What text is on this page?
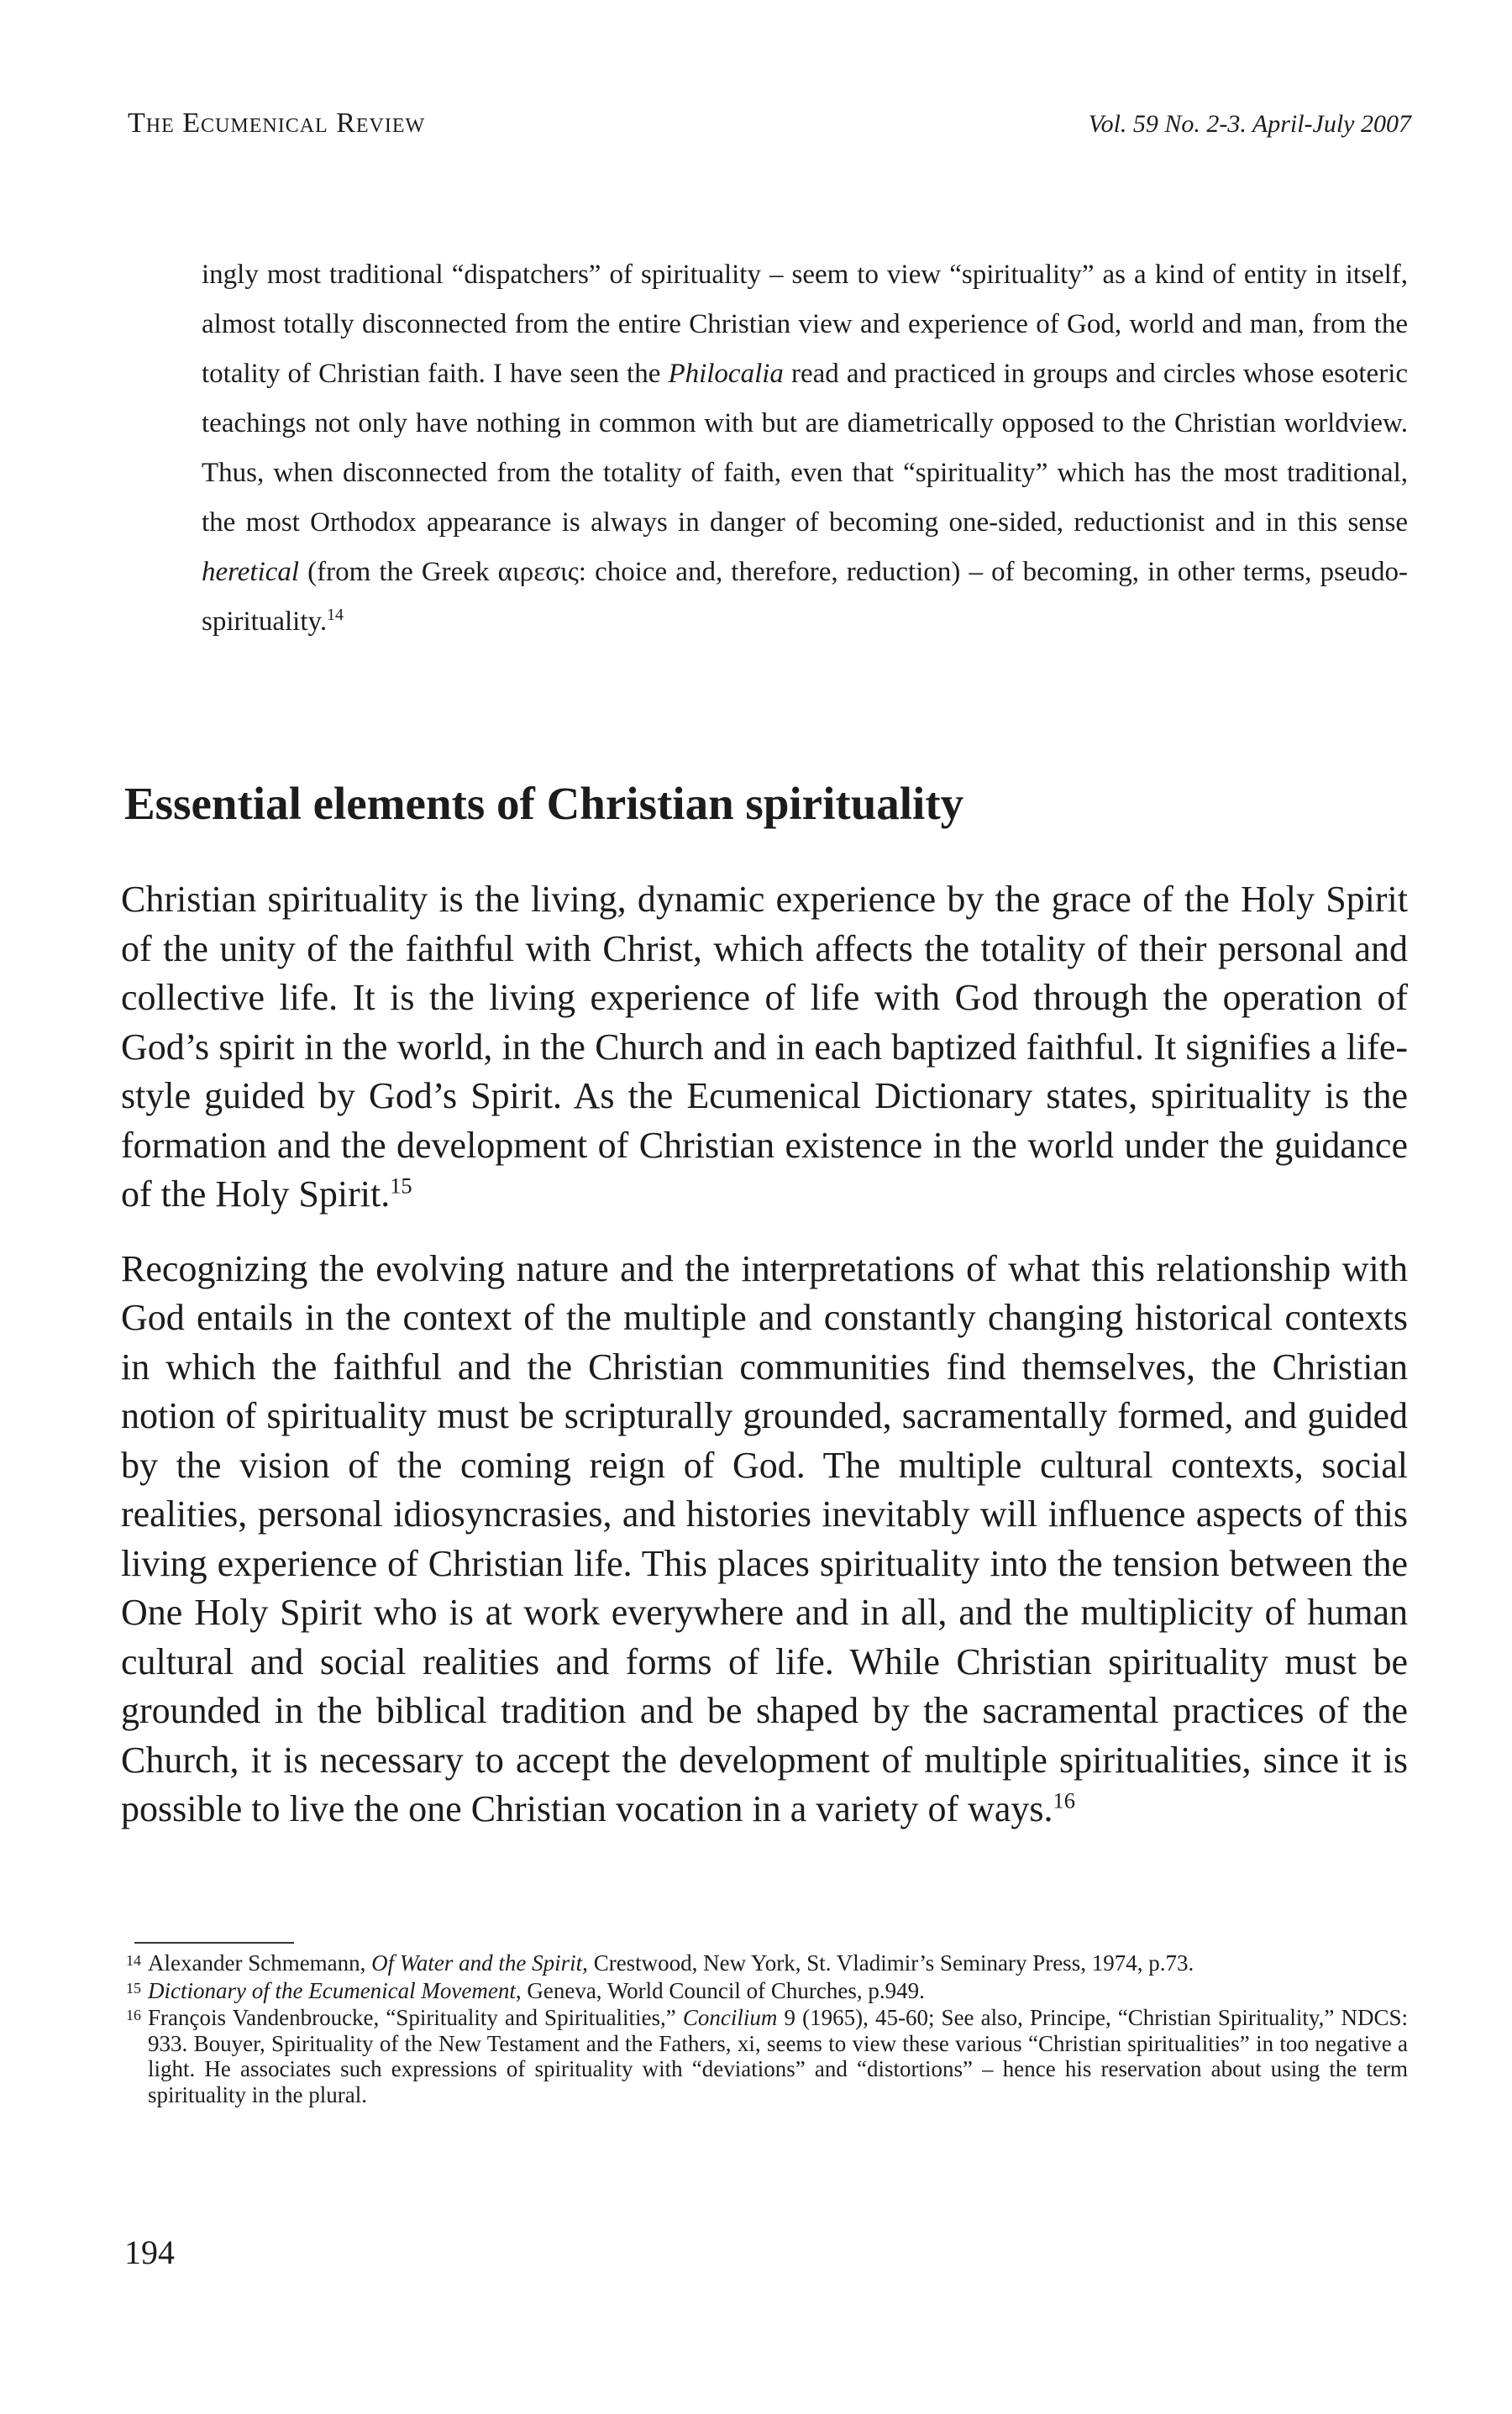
The Ecumenical Review	Vol. 59 No. 2-3. April-July 2007

ingly most traditional “dispatchers” of spirituality – seem to view “spirituality” as a kind of entity in itself, almost totally disconnected from the entire Christian view and experience of God, world and man, from the totality of Christian faith. I have seen the Philocalia read and practiced in groups and circles whose esoteric teachings not only have nothing in common with but are diametrically opposed to the Christian worldview. Thus, when disconnected from the totality of faith, even that “spirituality” which has the most traditional, the most Orthodox appearance is always in danger of becoming one-sided, reductionist and in this sense heretical (from the Greek αιρεσις: choice and, therefore, reduction) – of becoming, in other terms, pseudo-spirituality.$^{14}$

Essential elements of Christian spirituality

Christian spirituality is the living, dynamic experience by the grace of the Holy Spirit of the unity of the faithful with Christ, which affects the totality of their personal and collective life. It is the living experience of life with God through the operation of God’s spirit in the world, in the Church and in each baptized faithful. It signifies a life-style guided by God’s Spirit. As the Ecumenical Dictionary states, spirituality is the formation and the development of Christian existence in the world under the guidance of the Holy Spirit.$^{15}$

Recognizing the evolving nature and the interpretations of what this relationship with God entails in the context of the multiple and constantly changing historical contexts in which the faithful and the Christian communities find themselves, the Christian notion of spirituality must be scripturally grounded, sacramentally formed, and guided by the vision of the coming reign of God. The multiple cultural contexts, social realities, personal idiosyncrasies, and histories inevitably will influence aspects of this living experience of Christian life. This places spirituality into the tension between the One Holy Spirit who is at work everywhere and in all, and the multiplicity of human cultural and social realities and forms of life. While Christian spirituality must be grounded in the biblical tradition and be shaped by the sacramental practices of the Church, it is necessary to accept the development of multiple spiritualities, since it is possible to live the one Christian vocation in a variety of ways.$^{16}$

14 Alexander Schmemann, Of Water and the Spirit, Crestwood, New York, St. Vladimir’s Seminary Press, 1974, p.73.
15 Dictionary of the Ecumenical Movement, Geneva, World Council of Churches, p.949.
16 François Vandenbroucke, “Spirituality and Spiritualities,” Concilium 9 (1965), 45-60; See also, Principe, “Christian Spirituality,” NDCS: 933. Bouyer, Spirituality of the New Testament and the Fathers, xi, seems to view these various “Christian spiritualities” in too negative a light. He associates such expressions of spirituality with “deviations” and “distortions” – hence his reservation about using the term spirituality in the plural.
194
